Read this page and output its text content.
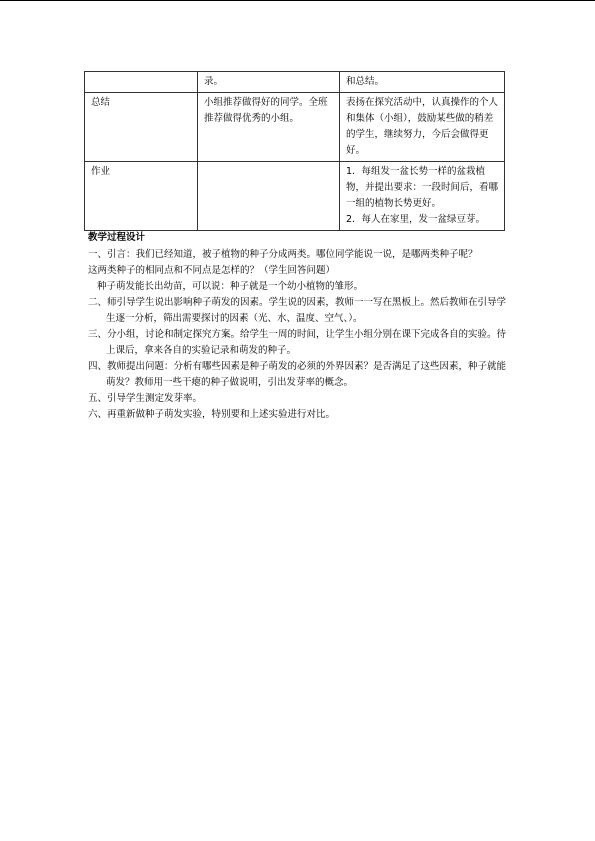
	录。	和总结。
总结	小组推荐做得好的同学。全班推荐做得优秀的小组。	表扬在探究活动中，认真操作的个人和集体（小组），鼓励某些做的稍差的学生，继续努力，今后会做得更好。
作业		1．每组发一盆长势一样的盆栽植物，并提出要求：一段时间后，看哪一组的植物长势更好。
2．每人在家里，发一盆绿豆芽。
教学过程设计
一、引言：我们已经知道，被子植物的种子分成两类。哪位同学能说一说，是哪两类种子呢？
这两类种子的相同点和不同点是怎样的？（学生回答问题）
种子萌发能长出幼苗，可以说：种子就是一个幼小植物的雏形。
二、师引导学生说出影响种子萌发的因素。学生说的因素，教师一一写在黑板上。然后教师在引导学生逐一分析，筛出需要探讨的因素（光、水、温度、空气、）。
三、分小组，讨论和制定探究方案。给学生一周的时间，让学生小组分别在课下完成各自的实验。待上课后，拿来各自的实验记录和萌发的种子。
四、教师提出问题：分析有哪些因素是种子萌发的必须的外界因素？是否满足了这些因素，种子就能萌发？教师用一些干瘪的种子做说明，引出发芽率的概念。
五、引导学生测定发芽率。
六、再重新做种子萌发实验，特别要和上述实验进行对比。
